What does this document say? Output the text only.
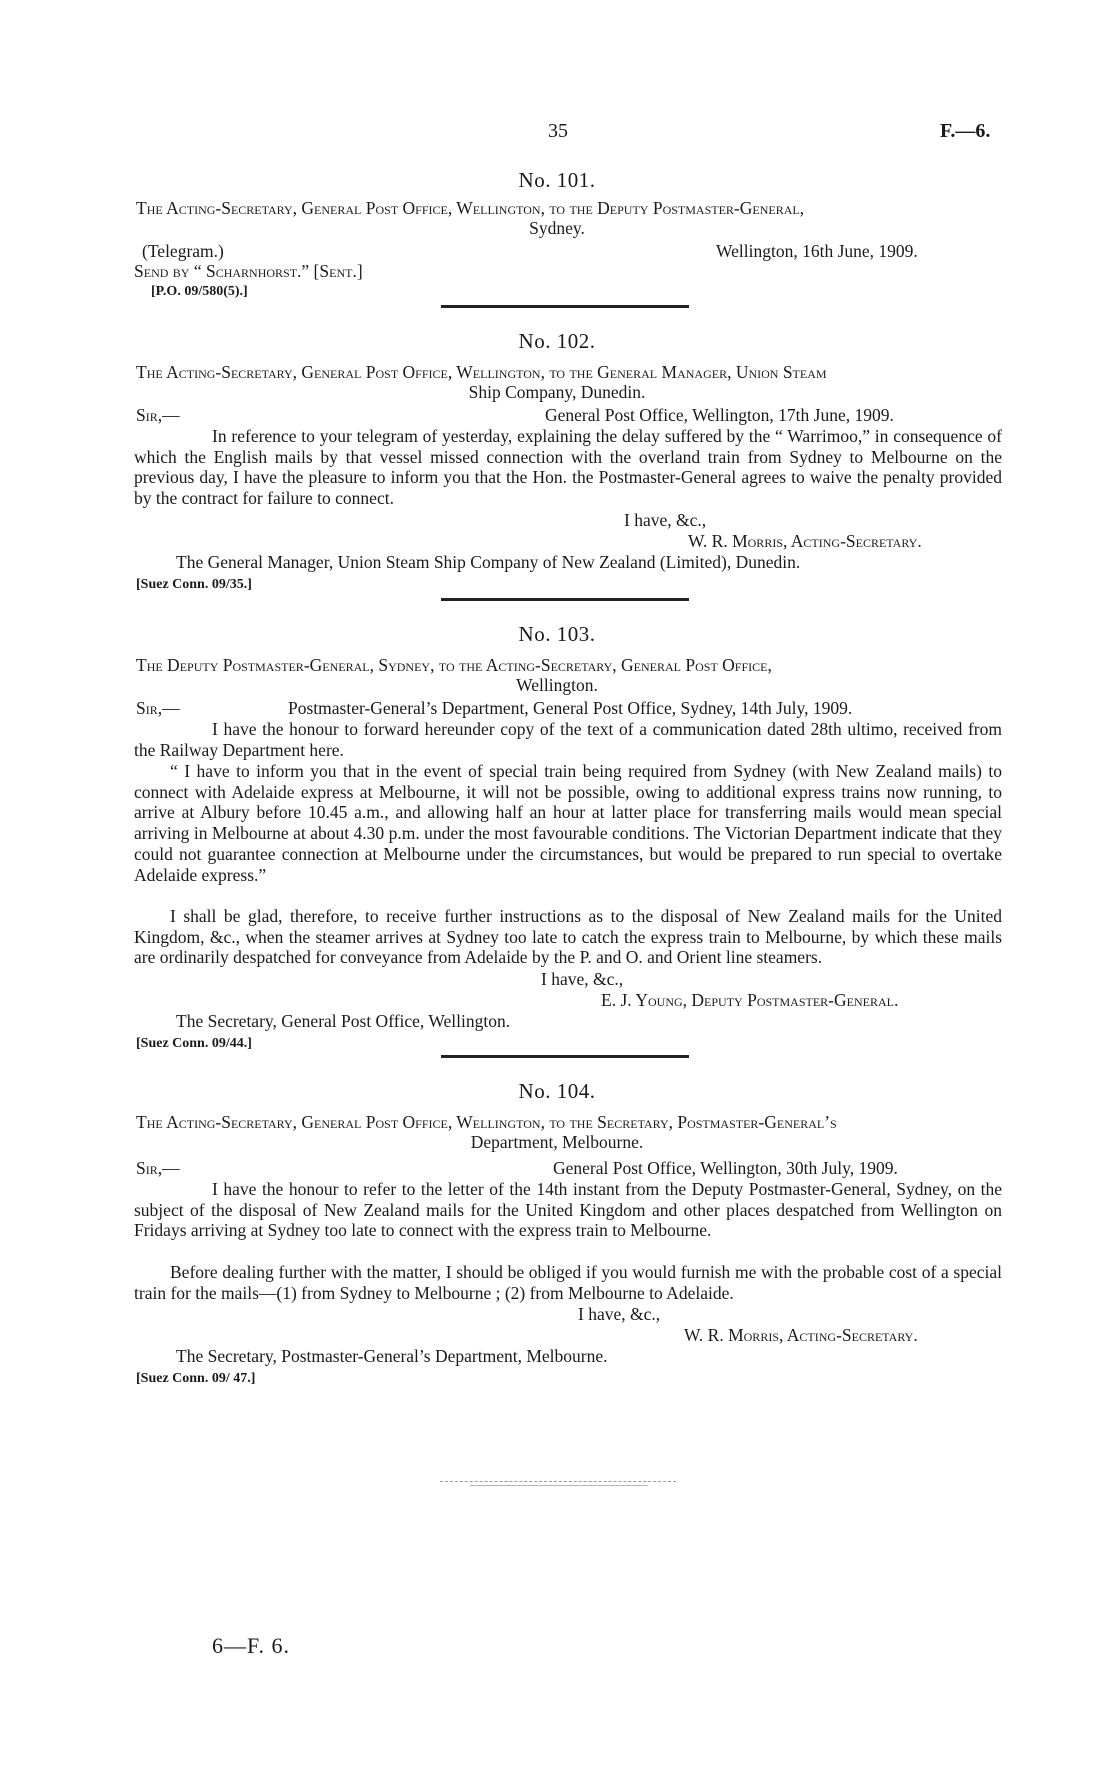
35	F.—6.
No. 101.
The Acting-Secretary, General Post Office, Wellington, to the Deputy Postmaster-General,
Sydney.
(Telegram.)	Wellington, 16th June, 1909.
Send by “ Scharnhorst.” [Sent.]
[P.O. 09/580(5).]
No. 102.
The Acting-Secretary, General Post Office, Wellington, to the General Manager, Union Steam
Ship Company, Dunedin.
Sir,—	General Post Office, Wellington, 17th June, 1909.
In reference to your telegram of yesterday, explaining the delay suffered by the “ Warrimoo,” in consequence of which the English mails by that vessel missed connection with the overland train from Sydney to Melbourne on the previous day, I have the pleasure to inform you that the Hon. the Postmaster-General agrees to waive the penalty provided by the contract for failure to connect.
I have, &c.,
W. R. Morris, Acting-Secretary.
The General Manager, Union Steam Ship Company of New Zealand (Limited), Dunedin.
[Suez Conn. 09/35.]
No. 103.
The Deputy Postmaster-General, Sydney, to the Acting-Secretary, General Post Office,
Wellington.
Sir,—	Postmaster-General’s Department, General Post Office, Sydney, 14th July, 1909.
I have the honour to forward hereunder copy of the text of a communication dated 28th ultimo, received from the Railway Department here.
“ I have to inform you that in the event of special train being required from Sydney (with New Zealand mails) to connect with Adelaide express at Melbourne, it will not be possible, owing to additional express trains now running, to arrive at Albury before 10.45 a.m., and allowing half an hour at latter place for transferring mails would mean special arriving in Melbourne at about 4.30 p.m. under the most favourable conditions. The Victorian Department indicate that they could not guarantee connection at Melbourne under the circumstances, but would be prepared to run special to overtake Adelaide express.”
I shall be glad, therefore, to receive further instructions as to the disposal of New Zealand mails for the United Kingdom, &c., when the steamer arrives at Sydney too late to catch the express train to Melbourne, by which these mails are ordinarily despatched for conveyance from Adelaide by the P. and O. and Orient line steamers.
I have, &c.,
E. J. Young, Deputy Postmaster-General.
The Secretary, General Post Office, Wellington.
[Suez Conn. 09/44.]
No. 104.
The Acting-Secretary, General Post Office, Wellington, to the Secretary, Postmaster-General’s
Department, Melbourne.
Sir,—	General Post Office, Wellington, 30th July, 1909.
I have the honour to refer to the letter of the 14th instant from the Deputy Postmaster-General, Sydney, on the subject of the disposal of New Zealand mails for the United Kingdom and other places despatched from Wellington on Fridays arriving at Sydney too late to connect with the express train to Melbourne.
Before dealing further with the matter, I should be obliged if you would furnish me with the probable cost of a special train for the mails—(1) from Sydney to Melbourne ; (2) from Melbourne to Adelaide.
I have, &c.,
W. R. Morris, Acting-Secretary.
The Secretary, Postmaster-General’s Department, Melbourne.
[Suez Conn. 09/ 47.]
6—F. 6.
